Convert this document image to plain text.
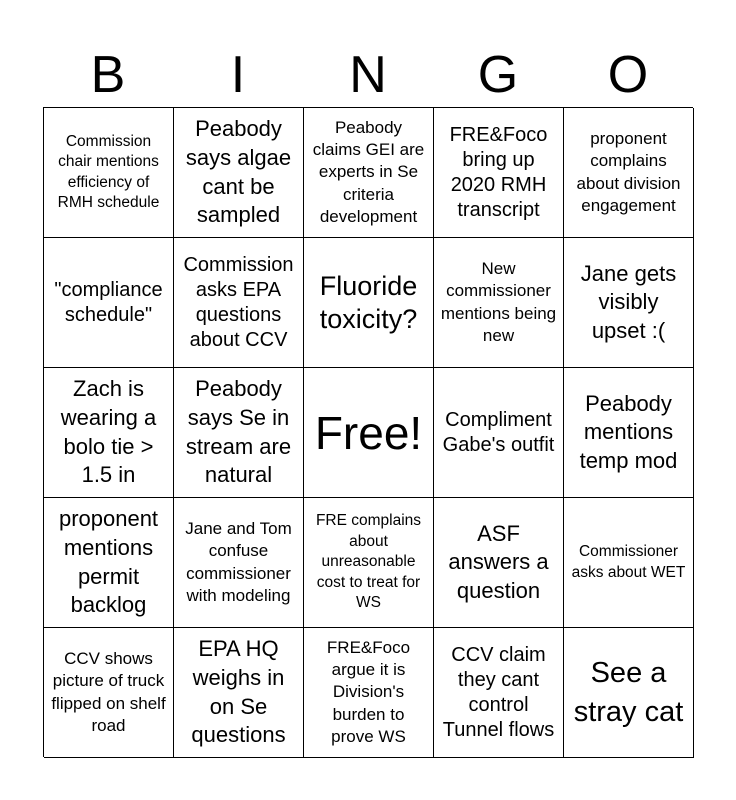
B	I	N	G	O
Commission chair mentions efficiency of RMH schedule
Peabody says algae cant be sampled
Peabody claims GEI are experts in Se criteria development
FRE&Foco bring up 2020 RMH transcript
proponent complains about division engagement
"compliance schedule"
Commission asks EPA questions about CCV
Fluoride toxicity?
New commissioner mentions being new
Jane gets visibly upset :(
Zach is wearing a bolo tie > 1.5 in
Peabody says Se in stream are natural
Free!	Compliment Gabe's outfit
Peabody mentions temp mod
proponent mentions permit backlog
Jane and Tom confuse commissioner with modeling
FRE complains about unreasonable cost to treat for WS
ASF answers a question
Commissioner asks about WET
CCV shows picture of truck flipped on shelf road
EPA HQ weighs in on Se questions
FRE&Foco argue it is Division's burden to prove WS
CCV claim they cant control Tunnel flows
See a stray cat
